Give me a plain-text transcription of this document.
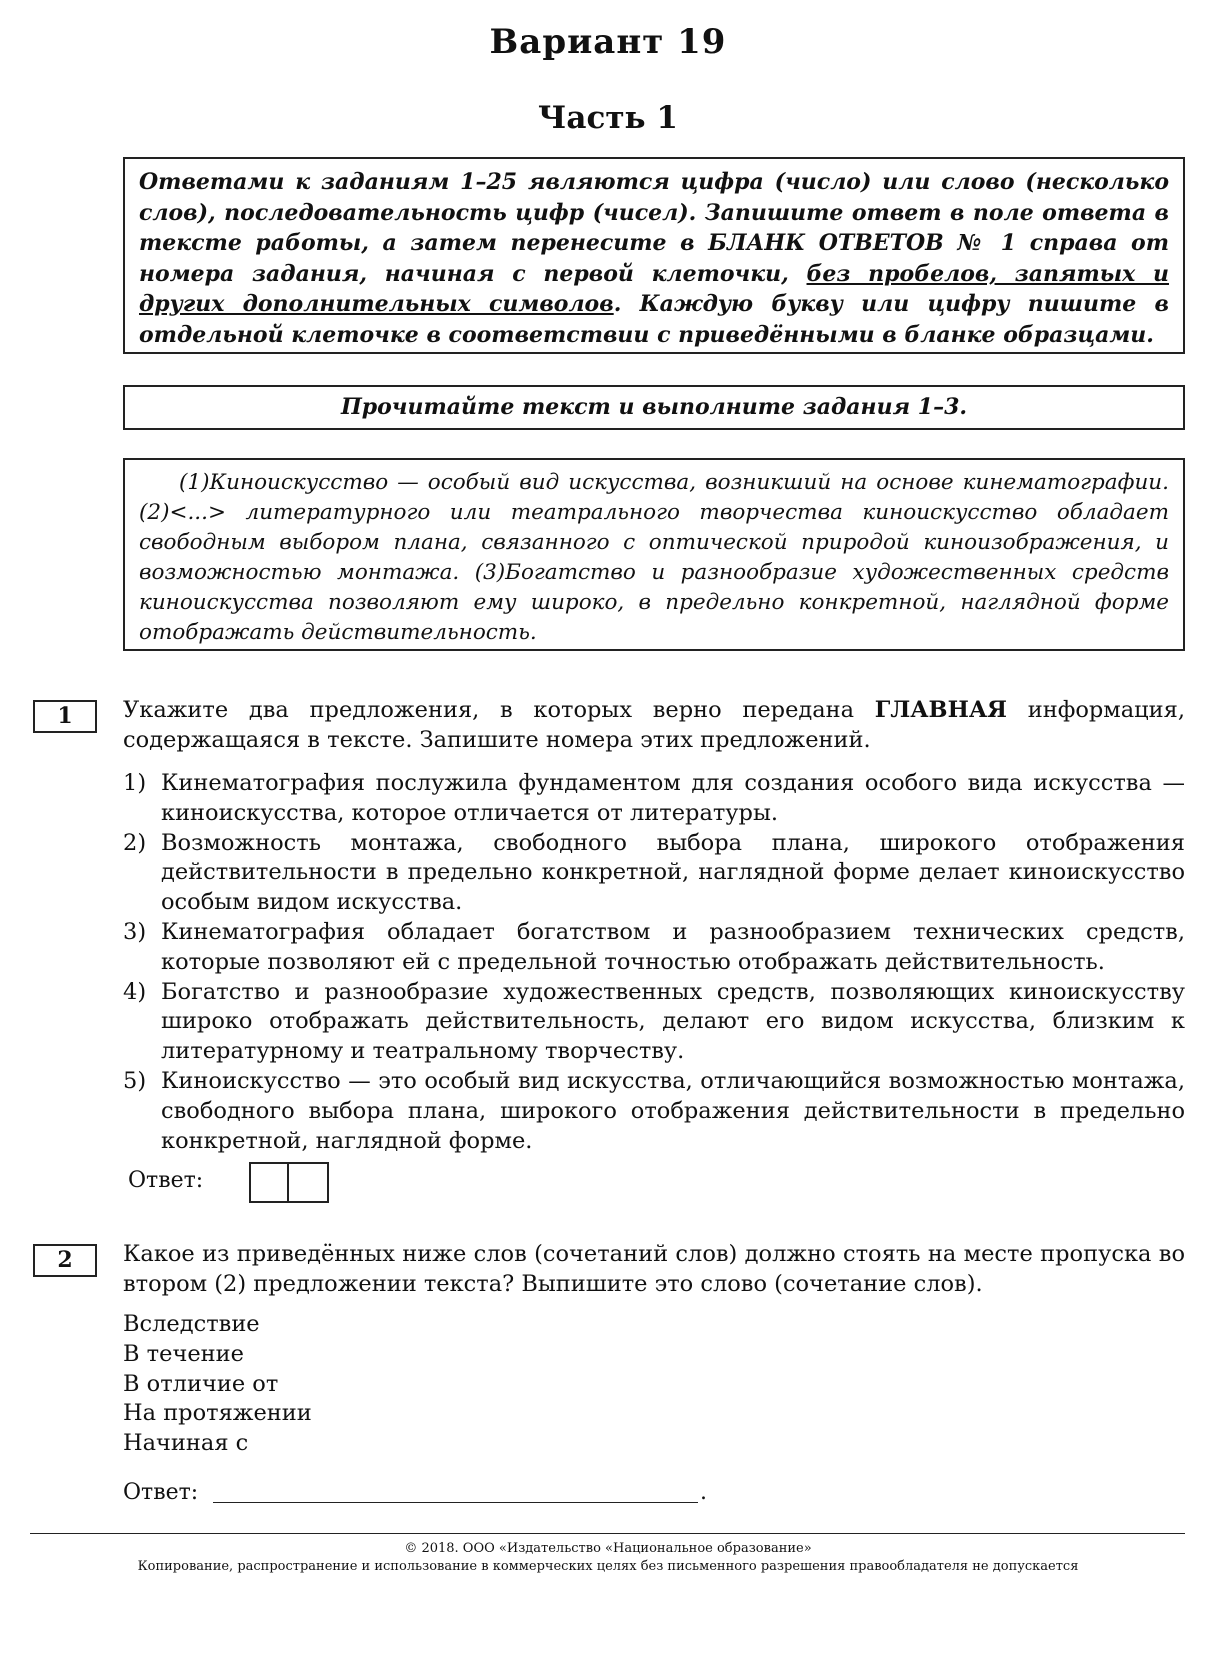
Вариант 19
Часть 1
Ответами к заданиям 1–25 являются цифра (число) или слово (несколько слов), последовательность цифр (чисел). Запишите ответ в поле ответа в тексте работы, а затем перенесите в БЛАНК ОТВЕТОВ № 1 справа от номера задания, начиная с первой клеточки, без пробелов, запятых и других дополнительных символов. Каждую букву или цифру пишите в отдельной клеточке в соответствии с приведёнными в бланке образцами.
Прочитайте текст и выполните задания 1–3.
(1)Киноискусство — особый вид искусства, возникший на основе кинематографии. (2)<...> литературного или театрального творчества киноискусство обладает свободным выбором плана, связанного с оптической природой киноизображения, и возможностью монтажа. (3)Богатство и разнообразие художественных средств киноискусства позволяют ему широко, в предельно конкретной, наглядной форме отображать действительность.
1	Укажите два предложения, в которых верно передана ГЛАВНАЯ информация, содержащаяся в тексте. Запишите номера этих предложений.
1) Кинематография послужила фундаментом для создания особого вида искусства — киноискусства, которое отличается от литературы.
2) Возможность монтажа, свободного выбора плана, широкого отображения действительности в предельно конкретной, наглядной форме делает киноискусство особым видом искусства.
3) Кинематография обладает богатством и разнообразием технических средств, которые позволяют ей с предельной точностью отображать действительность.
4) Богатство и разнообразие художественных средств, позволяющих киноискусству широко отображать действительность, делают его видом искусства, близким к литературному и театральному творчеству.
5) Киноискусство — это особый вид искусства, отличающийся возможностью монтажа, свободного выбора плана, широкого отображения действительности в предельно конкретной, наглядной форме.
Ответ:
2	Какое из приведённых ниже слов (сочетаний слов) должно стоять на месте пропуска во втором (2) предложении текста? Выпишите это слово (сочетание слов).
Вследствие
В течение
В отличие от
На протяжении
Начиная с
Ответ:	.
© 2018. ООО «Издательство «Национальное образование»
Копирование, распространение и использование в коммерческих целях без письменного разрешения правообладателя не допускается
